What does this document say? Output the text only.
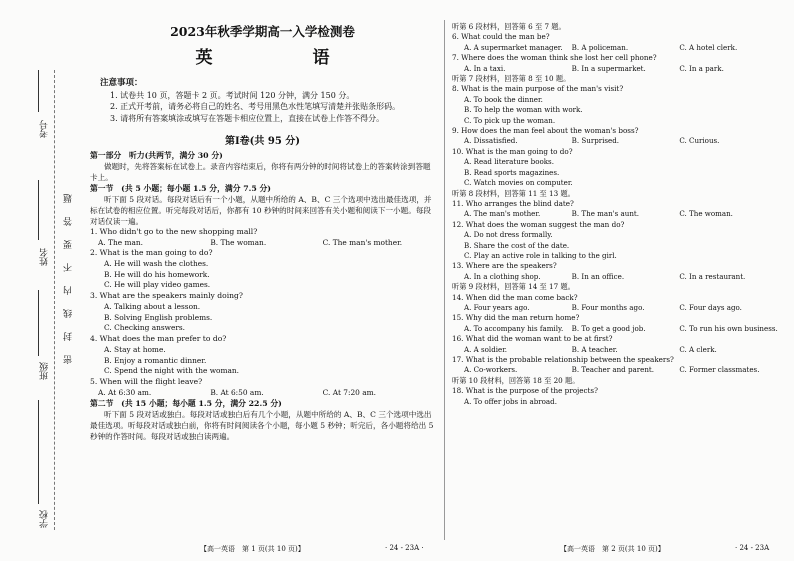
考号
姓名
班级
学校
密封线内不要答题

2023年秋季学期高一入学检测卷

英　　语

注意事项：

1. 试卷共 10 页，答题卡 2 页。考试时间 120 分钟，满分 150 分。

2. 正式开考前，请务必将自己的姓名、考号用黑色水性笔填写清楚并张贴条形码。

3. 请将所有答案填涂或填写在答题卡相应位置上，直接在试卷上作答不得分。

第Ⅰ卷(共 95 分)

第一部分　听力(共两节，满分 30 分)

做题时，先将答案标在试卷上。录音内容结束后，你将有两分钟的时间将试卷上的答案转涂到答题卡上。

第一节　(共 5 小题；每小题 1.5 分，满分 7.5 分)

听下面 5 段对话。每段对话后有一个小题，从题中所给的 A、B、C 三个选项中选出最佳选项，并标在试卷的相应位置。听完每段对话后，你都有 10 秒钟的时间来回答有关小题和阅读下一小题。每段对话仅读一遍。

1. Who didn't go to the new shopping mall?

A. The man.	B. The woman.	C. The man's mother.

2. What is the man going to do?

A. He will wash the clothes.

B. He will do his homework.

C. He will play video games.

3. What are the speakers mainly doing?

A. Talking about a lesson.

B. Solving English problems.

C. Checking answers.

4. What does the man prefer to do?

A. Stay at home.

B. Enjoy a romantic dinner.

C. Spend the night with the woman.

5. When will the flight leave?

A. At 6:30 am.	B. At 6:50 am.	C. At 7:20 am.

第二节　(共 15 小题；每小题 1.5 分，满分 22.5 分)

听下面 5 段对话或独白。每段对话或独白后有几个小题，从题中所给的 A、B、C 三个选项中选出最佳选项。听每段对话或独白前，你将有时间阅读各个小题，每小题 5 秒钟；听完后，各小题将给出 5 秒钟的作答时间。每段对话或独白读两遍。

【高一英语　第 1 页(共 10 页)】	· 24 - 23A ·

听第 6 段材料，回答第 6 至 7 题。

6. What could the man be?

A. A supermarket manager.	B. A policeman.	C. A hotel clerk.

7. Where does the woman think she lost her cell phone?

A. In a taxi.	B. In a supermarket.	C. In a park.

听第 7 段材料，回答第 8 至 10 题。

8. What is the main purpose of the man's visit?

A. To book the dinner.

B. To help the woman with work.

C. To pick up the woman.

9. How does the man feel about the woman's boss?

A. Dissatisfied.	B. Surprised.	C. Curious.

10. What is the man going to do?

A. Read literature books.

B. Read sports magazines.

C. Watch movies on computer.

听第 8 段材料，回答第 11 至 13 题。

11. Who arranges the blind date?

A. The man's mother.	B. The man's aunt.	C. The woman.

12. What does the woman suggest the man do?

A. Do not dress formally.

B. Share the cost of the date.

C. Play an active role in talking to the girl.

13. Where are the speakers?

A. In a clothing shop.	B. In an office.	C. In a restaurant.

听第 9 段材料，回答第 14 至 17 题。

14. When did the man come back?

A. Four years ago.	B. Four months ago.	C. Four days ago.

15. Why did the man return home?

A. To accompany his family.	B. To get a good job.	C. To run his own business.

16. What did the woman want to be at first?

A. A soldier.	B. A teacher.	C. A clerk.

17. What is the probable relationship between the speakers?

A. Co-workers.	B. Teacher and parent.	C. Former classmates.

听第 10 段材料，回答第 18 至 20 题。

18. What is the purpose of the projects?

A. To offer jobs in abroad.

【高一英语　第 2 页(共 10 页)】	· 24 - 23A
